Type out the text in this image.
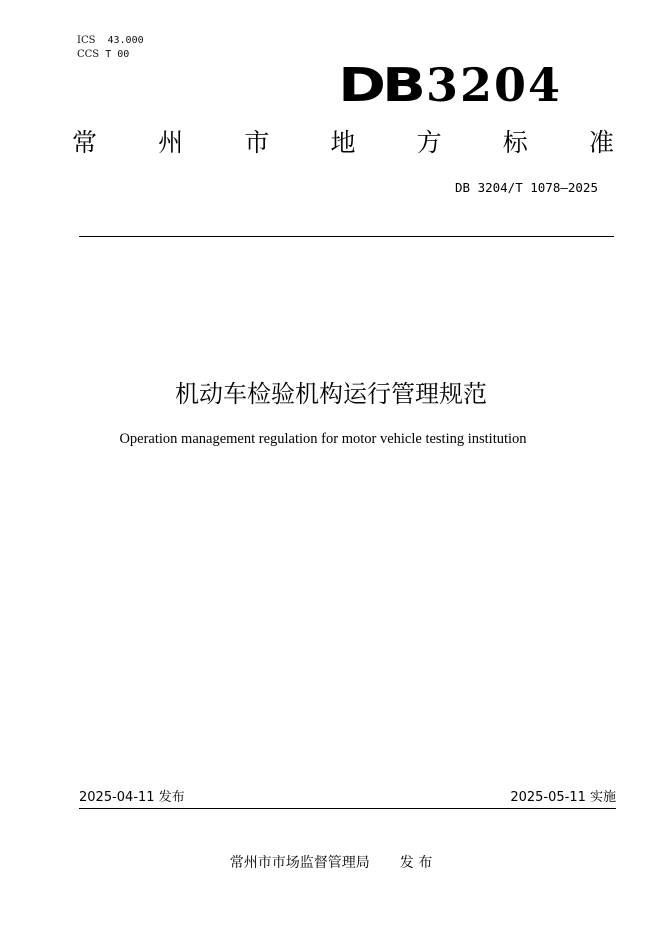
ICS 43.000
CCS T 00
DB 3204
常 州 市 地 方 标 准
DB 3204/T 1078—2025
机动车检验机构运行管理规范
Operation management regulation for motor vehicle testing institution
2025-04-11 发布	2025-05-11 实施
常州市市场监督管理局 发 布
